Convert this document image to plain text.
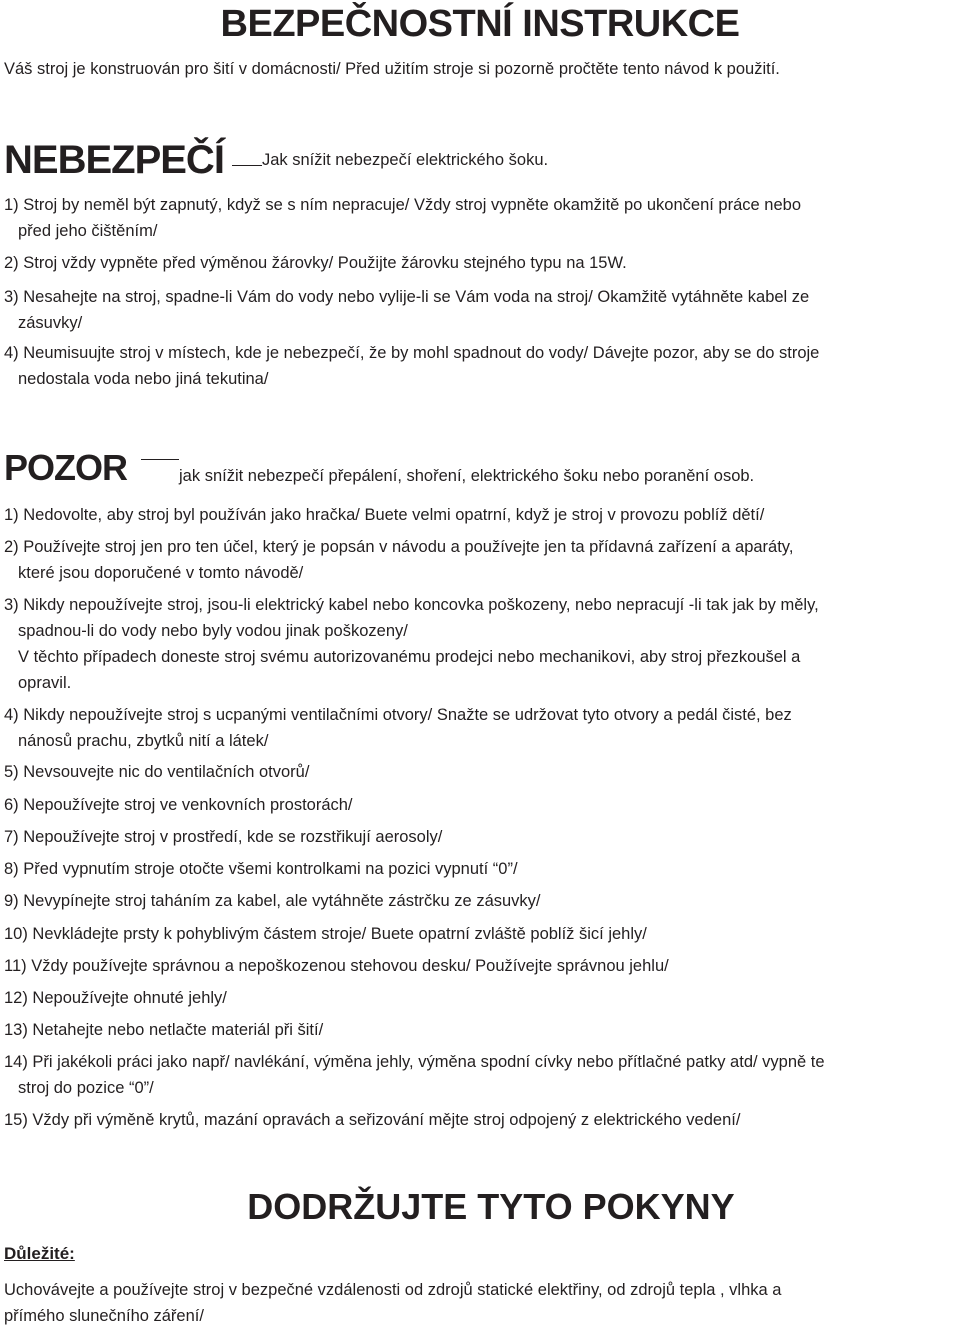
BEZPEČNOSTNÍ INSTRUKCE

Váš stroj je konstruován pro šití v domácnosti/ Před užitím stroje si pozorně pročtěte tento návod k použití.

NEBEZPEČÍ Jak snížit nebezpečí elektrického šoku.

1) Stroj by neměl být zapnutý, když se s ním nepracuje/ Vždy stroj vypněte okamžitě po ukončení práce nebo
před jeho čištěním/

2) Stroj vždy vypněte před výměnou žárovky/ Použijte žárovku stejného typu na 15W.

3) Nesahejte na stroj, spadne-li Vám do vody nebo vylije-li se Vám voda na stroj/ Okamžitě vytáhněte kabel ze
zásuvky/

4) Neumisuujte stroj v místech, kde je nebezpečí, že by mohl spadnout do vody/ Dávejte pozor, aby se do stroje
nedostala voda nebo jiná tekutina/

POZOR	jak snížit nebezpečí přepálení, shoření, elektrického šoku nebo poranění osob.

1) Nedovolte, aby stroj byl používán jako hračka/ Buete velmi opatrní, když je stroj v provozu poblíž dětí/

2) Používejte stroj jen pro ten účel, který je popsán v návodu a používejte jen ta přídavná zařízení a aparáty,
které jsou doporučené v tomto návodě/

3) Nikdy nepoužívejte stroj, jsou-li elektrický kabel nebo koncovka poškozeny, nebo nepracují -li tak jak by měly,
spadnou-li do vody nebo byly vodou jinak poškozeny/
V těchto případech doneste stroj svému autorizovanému prodejci nebo mechanikovi, aby stroj přezkoušel a
opravil.

4) Nikdy nepoužívejte stroj s ucpanými ventilačními otvory/ Snažte se udržovat tyto otvory a pedál čisté, bez
nánosů prachu, zbytků nití a látek/

5) Nevsouvejte nic do ventilačních otvorů/

6) Nepoužívejte stroj ve venkovních prostorách/

7) Nepoužívejte stroj v prostředí, kde se rozstřikují aerosoly/

8) Před vypnutím stroje otočte všemi kontrolkami na pozici vypnutí “0”/

9) Nevypínejte stroj taháním za kabel, ale vytáhněte zástrčku ze zásuvky/

10) Nevkládejte prsty k pohyblivým částem stroje/ Buete opatrní zvláště poblíž šicí jehly/

11) Vždy používejte správnou a nepoškozenou stehovou desku/ Používejte správnou jehlu/

12) Nepoužívejte ohnuté jehly/

13) Netahejte nebo netlačte materiál při šití/

14) Při jakékoli práci jako např/ navlékání, výměna jehly, výměna spodní cívky nebo přítlačné patky atd/ vypně te
stroj do pozice “0”/

15) Vždy při výměně krytů, mazání opravách a seřizování mějte stroj odpojený z elektrického vedení/

DODRŽUJTE TYTO POKYNY

Důležité:

Uchovávejte a používejte stroj v bezpečné vzdálenosti od zdrojů statické elektřiny, od zdrojů tepla , vlhka a
přímého slunečního záření/
